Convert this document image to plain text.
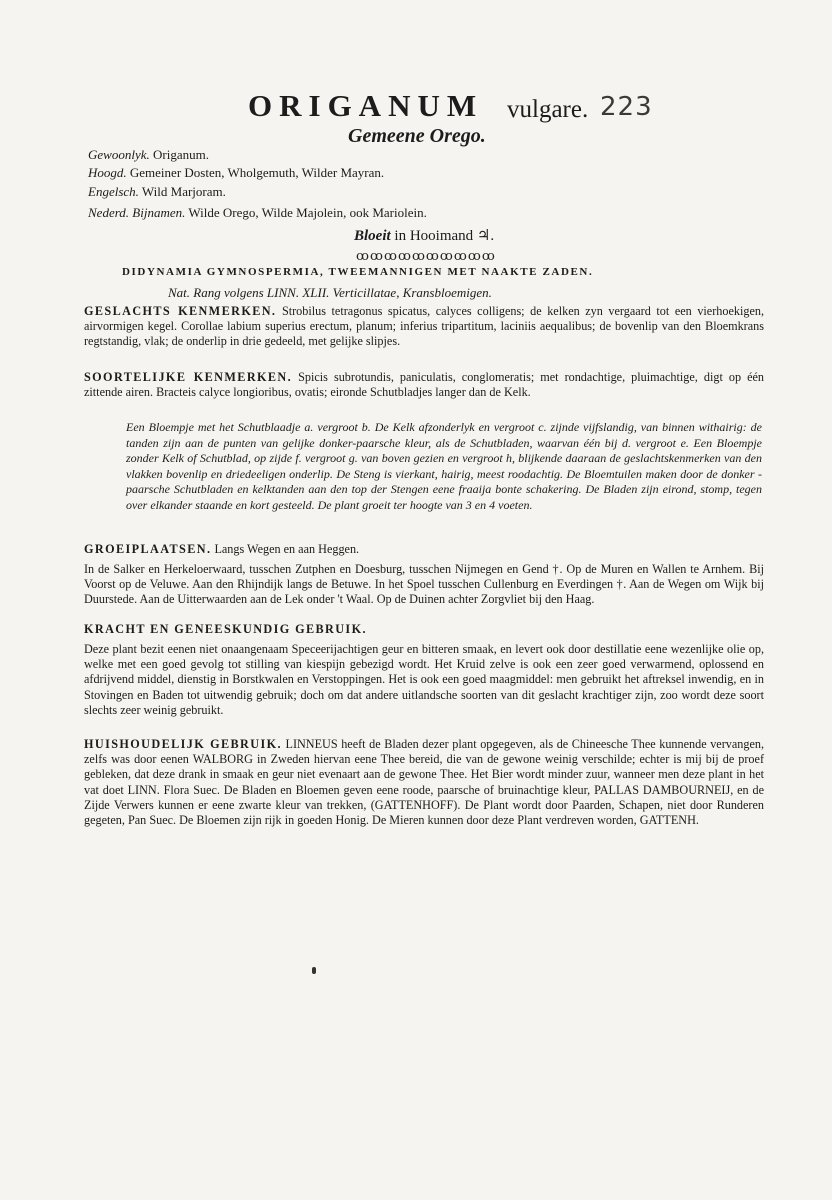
ORIGANUM vulgare. 223
Gemeene Orego.
Gewoonlyk. Origanum.
Hoogd. Gemeiner Dosten, Wholgemuth, Wilder Mayran.
Engelsch. Wild Marjoram.
Nederd. Bijnamen. Wilde Orego, Wilde Majolein, ook Mariolein.
Bloeit in Hooimand ♃.
ꝏꝏꝏꝏꝏꝏꝏꝏꝏꝏ
DIDYNAMIA GYMNOSPERMIA, TWEEMANNIGEN MET NAAKTE ZADEN.
Nat. Rang volgens LINN. XLII. Verticillatae, Kransbloemigen.

GESLACHTS KENMERKEN. Strobilus tetragonus spicatus, calyces colligens; de kelken zyn vergaard tot een vierhoekigen, airvormigen kegel. Corollae labium superius erectum, planum; inferius tripartitum, laciniis aequalibus; de bovenlip van den Bloemkrans regtstandig, vlak; de onderlip in drie gedeeld, met gelijke slipjes.

SOORTELIJKE KENMERKEN. Spicis subrotundis, paniculatis, conglomeratis; met rondachtige, pluimachtige, digt op één zittende airen. Bracteis calyce longioribus, ovatis; eironde Schutbladjes langer dan de Kelk.

Een Bloempje met het Schutblaadje a. vergroot b. De Kelk afzonderlyk en vergroot c. zijnde vijfslandig, van binnen withairig: de tanden zijn aan de punten van gelijke donker-paarsche kleur, als de Schutbladen, waarvan één bij d. vergroot e. Een Bloempje zonder Kelk of Schutblad, op zijde f. vergroot g. van boven gezien en vergroot h, blijkende daaraan de geslachtskenmerken van den vlakken bovenlip en driedeeligen onderlip. De Steng is vierkant, hairig, meest roodachtig. De Bloemtuilen maken door de donker - paarsche Schutbladen en kelktanden aan den top der Stengen eene fraaija bonte schakering. De Bladen zijn eirond, stomp, tegen over elkander staande en kort gesteeld. De plant groeit ter hoogte van 3 en 4 voeten.

GROEIPLAATSEN. Langs Wegen en aan Heggen.

In de Salker en Herkeloerwaard, tusschen Zutphen en Doesburg, tusschen Nijmegen en Gend †. Op de Muren en Wallen te Arnhem. Bij Voorst op de Veluwe. Aan den Rhijndijk langs de Betuwe. In het Spoel tusschen Cullenburg en Everdingen †. Aan de Wegen om Wijk bij Duurstede. Aan de Uitterwaarden aan de Lek onder 't Waal. Op de Duinen achter Zorgvliet bij den Haag.

KRACHT EN GENEESKUNDIG GEBRUIK.

Deze plant bezit eenen niet onaangenaam Speceerijachtigen geur en bitteren smaak, en levert ook door destillatie eene wezenlijke olie op, welke met een goed gevolg tot stilling van kiespijn gebezigd wordt. Het Kruid zelve is ook een zeer goed verwarmend, oplossend en afdrijvend middel, dienstig in Borstkwalen en Verstoppingen. Het is ook een goed maagmiddel: men gebruikt het aftreksel inwendig, en in Stovingen en Baden tot uitwendig gebruik; doch om dat andere uitlandsche soorten van dit geslacht krachtiger zijn, zoo wordt deze soort slechts zeer weinig gebruikt.

HUISHOUDELIJK GEBRUIK. LINNEUS heeft de Bladen dezer plant opgegeven, als de Chineesche Thee kunnende vervangen, zelfs was door eenen WALBORG in Zweden hiervan eene Thee bereid, die van de gewone weinig verschilde; echter is mij bij de proef gebleken, dat deze drank in smaak en geur niet evenaart aan de gewone Thee. Het Bier wordt minder zuur, wanneer men deze plant in het vat doet LINN. Flora Suec. De Bladen en Bloemen geven eene roode, paarsche of bruinachtige kleur, PALLAS DAMBOURNEIJ, en de Zijde Verwers kunnen er eene zwarte kleur van trekken, (GATTENHOFF). De Plant wordt door Paarden, Schapen, niet door Runderen gegeten, Pan Suec. De Bloemen zijn rijk in goeden Honig. De Mieren kunnen door deze Plant verdreven worden, GATTENH.
